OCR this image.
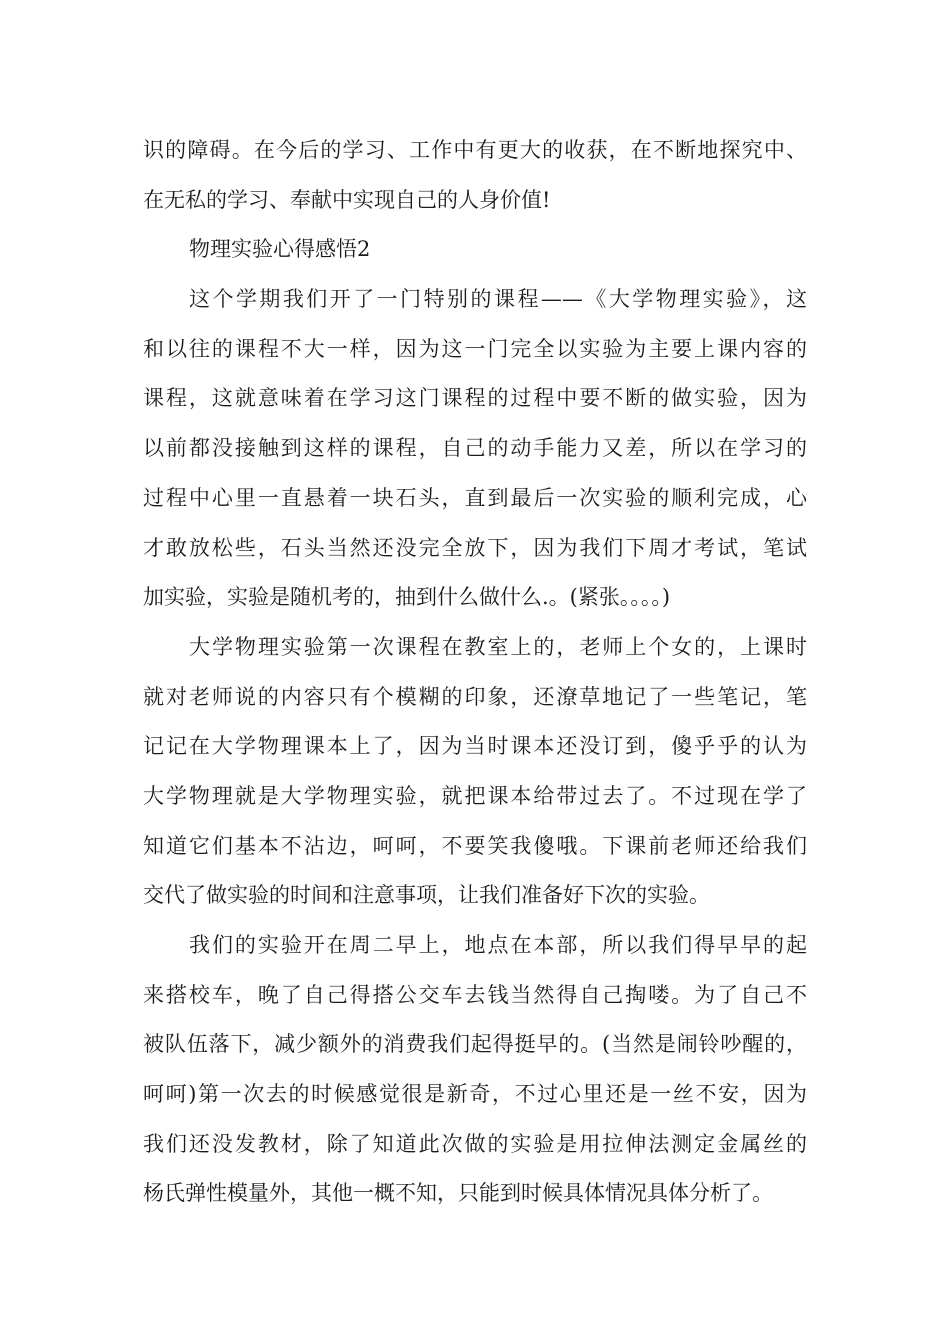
识的障碍。在今后的学习、工作中有更大的收获，在不断地探究中、
在无私的学习、奉献中实现自己的人身价值!
物理实验心得感悟2
这个学期我们开了一门特别的课程——《大学物理实验》，这
和以往的课程不大一样，因为这一门完全以实验为主要上课内容的
课程，这就意味着在学习这门课程的过程中要不断的做实验，因为
以前都没接触到这样的课程，自己的动手能力又差，所以在学习的
过程中心里一直悬着一块石头，直到最后一次实验的顺利完成，心
才敢放松些，石头当然还没完全放下，因为我们下周才考试，笔试
加实验，实验是随机考的，抽到什么做什么.。(紧张。。。。)
大学物理实验第一次课程在教室上的，老师上个女的，上课时
就对老师说的内容只有个模糊的印象，还潦草地记了一些笔记，笔
记记在大学物理课本上了，因为当时课本还没订到，傻乎乎的认为
大学物理就是大学物理实验，就把课本给带过去了。不过现在学了
知道它们基本不沾边，呵呵，不要笑我傻哦。下课前老师还给我们
交代了做实验的时间和注意事项，让我们准备好下次的实验。
我们的实验开在周二早上，地点在本部，所以我们得早早的起
来搭校车，晚了自己得搭公交车去钱当然得自己掏喽。为了自己不
被队伍落下，减少额外的消费我们起得挺早的。(当然是闹铃吵醒的，
呵呵)第一次去的时候感觉很是新奇，不过心里还是一丝不安，因为
我们还没发教材，除了知道此次做的实验是用拉伸法测定金属丝的
杨氏弹性模量外，其他一概不知，只能到时候具体情况具体分析了。
